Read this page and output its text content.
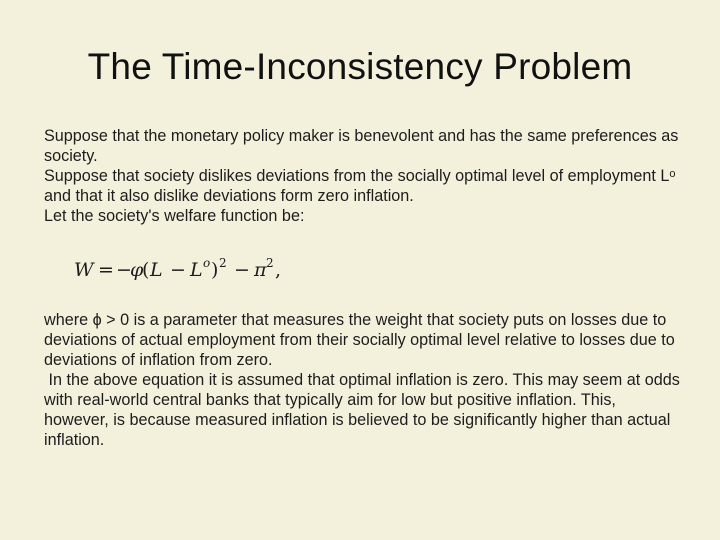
The Time-Inconsistency Problem

Suppose that the monetary policy maker is benevolent and has the same preferences as society.

Suppose that society dislikes deviations from the socially optimal level of employment Lᵒ and that it also dislike deviations form zero inflation.

Let the society's welfare function be:

W = −
φ
( L − L o ) 2 − π 2 ,

where ϕ > 0 is a parameter that measures the weight that society puts on losses due to deviations of actual employment from their socially optimal level relative to losses due to deviations of inflation from zero.

In the above equation it is assumed that optimal inflation is zero. This may seem at odds with real-world central banks that typically aim for low but positive inflation. This, however, is because measured inflation is believed to be significantly higher than actual inflation.
